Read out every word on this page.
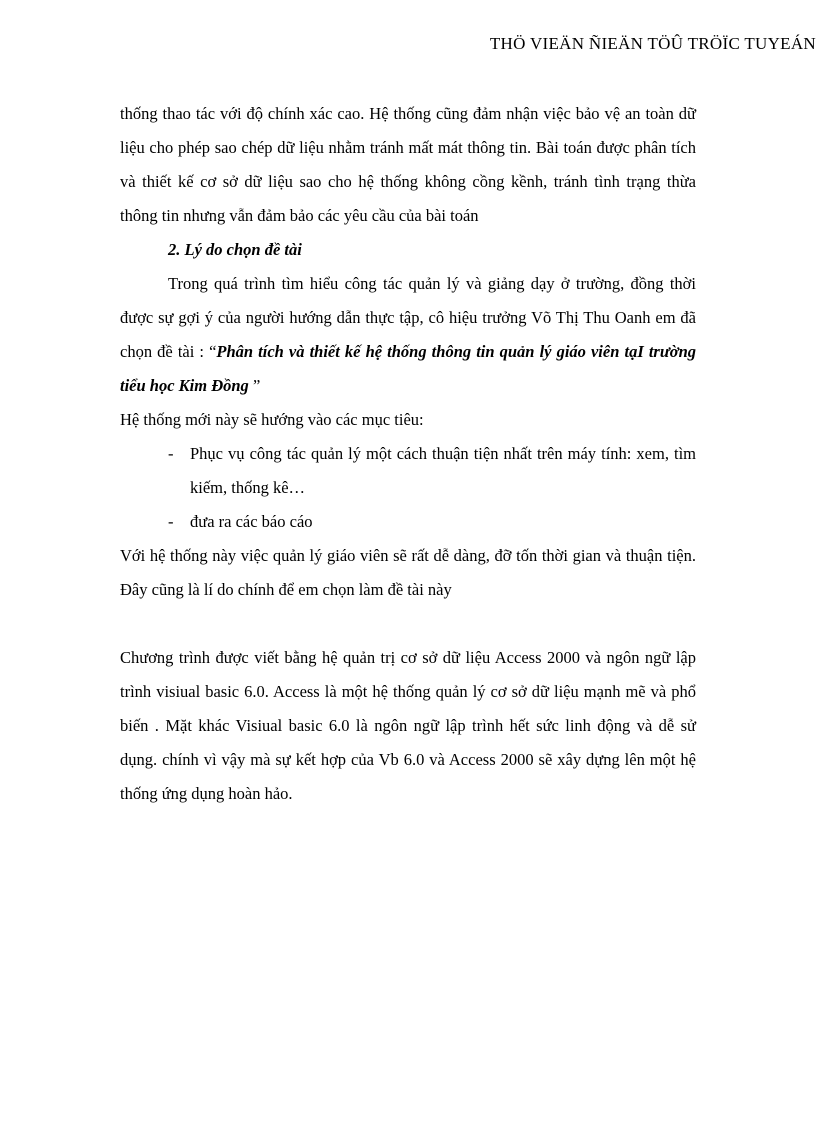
THÖ VIEÄN ÑIEÄN TÖÛ TRÖÏC TUYEÁN

thống thao tác với độ chính xác cao. Hệ thống cũng đảm nhận việc bảo vệ an toàn dữ liệu cho phép sao chép dữ liệu nhằm tránh mất mát thông tin. Bài toán được phân tích và thiết kế cơ sở dữ liệu sao cho hệ thống không cồng kềnh, tránh tình trạng thừa thông tin nhưng vẫn đảm bảo các yêu cầu của bài toán

2. Lý do chọn đề tài

Trong quá trình tìm hiểu công tác quản lý và giảng dạy ở trường, đồng thời được sự gợi ý của người hướng dẫn thực tập, cô hiệu trưởng Võ Thị Thu Oanh em đã chọn đề tài : “Phân tích và thiết kế hệ thống thông tin quản lý giáo viên tạI trường tiểu học Kim Đồng ”

Hệ thống mới này sẽ hướng vào các mục tiêu:

-	Phục vụ công tác quản lý một cách thuận tiện nhất trên máy tính: xem, tìm kiếm, thống kê…
-	đưa ra các báo cáo

Với hệ thống này việc quản lý giáo viên sẽ rất dễ dàng, đỡ tốn thời gian và thuận tiện. Đây cũng là lí do chính để em chọn làm đề tài này

Chương trình được viết bằng hệ quản trị cơ sở dữ liệu Access 2000 và ngôn ngữ lập trình visiual basic 6.0. Access là một hệ thống quản lý cơ sở dữ liệu mạnh mẽ và phổ biến . Mặt khác Visiual basic 6.0 là ngôn ngữ lập trình hết sức linh động và dễ sử dụng. chính vì vậy mà sự kết hợp của Vb 6.0 và Access 2000 sẽ xây dựng lên một hệ thống ứng dụng hoàn hảo.
